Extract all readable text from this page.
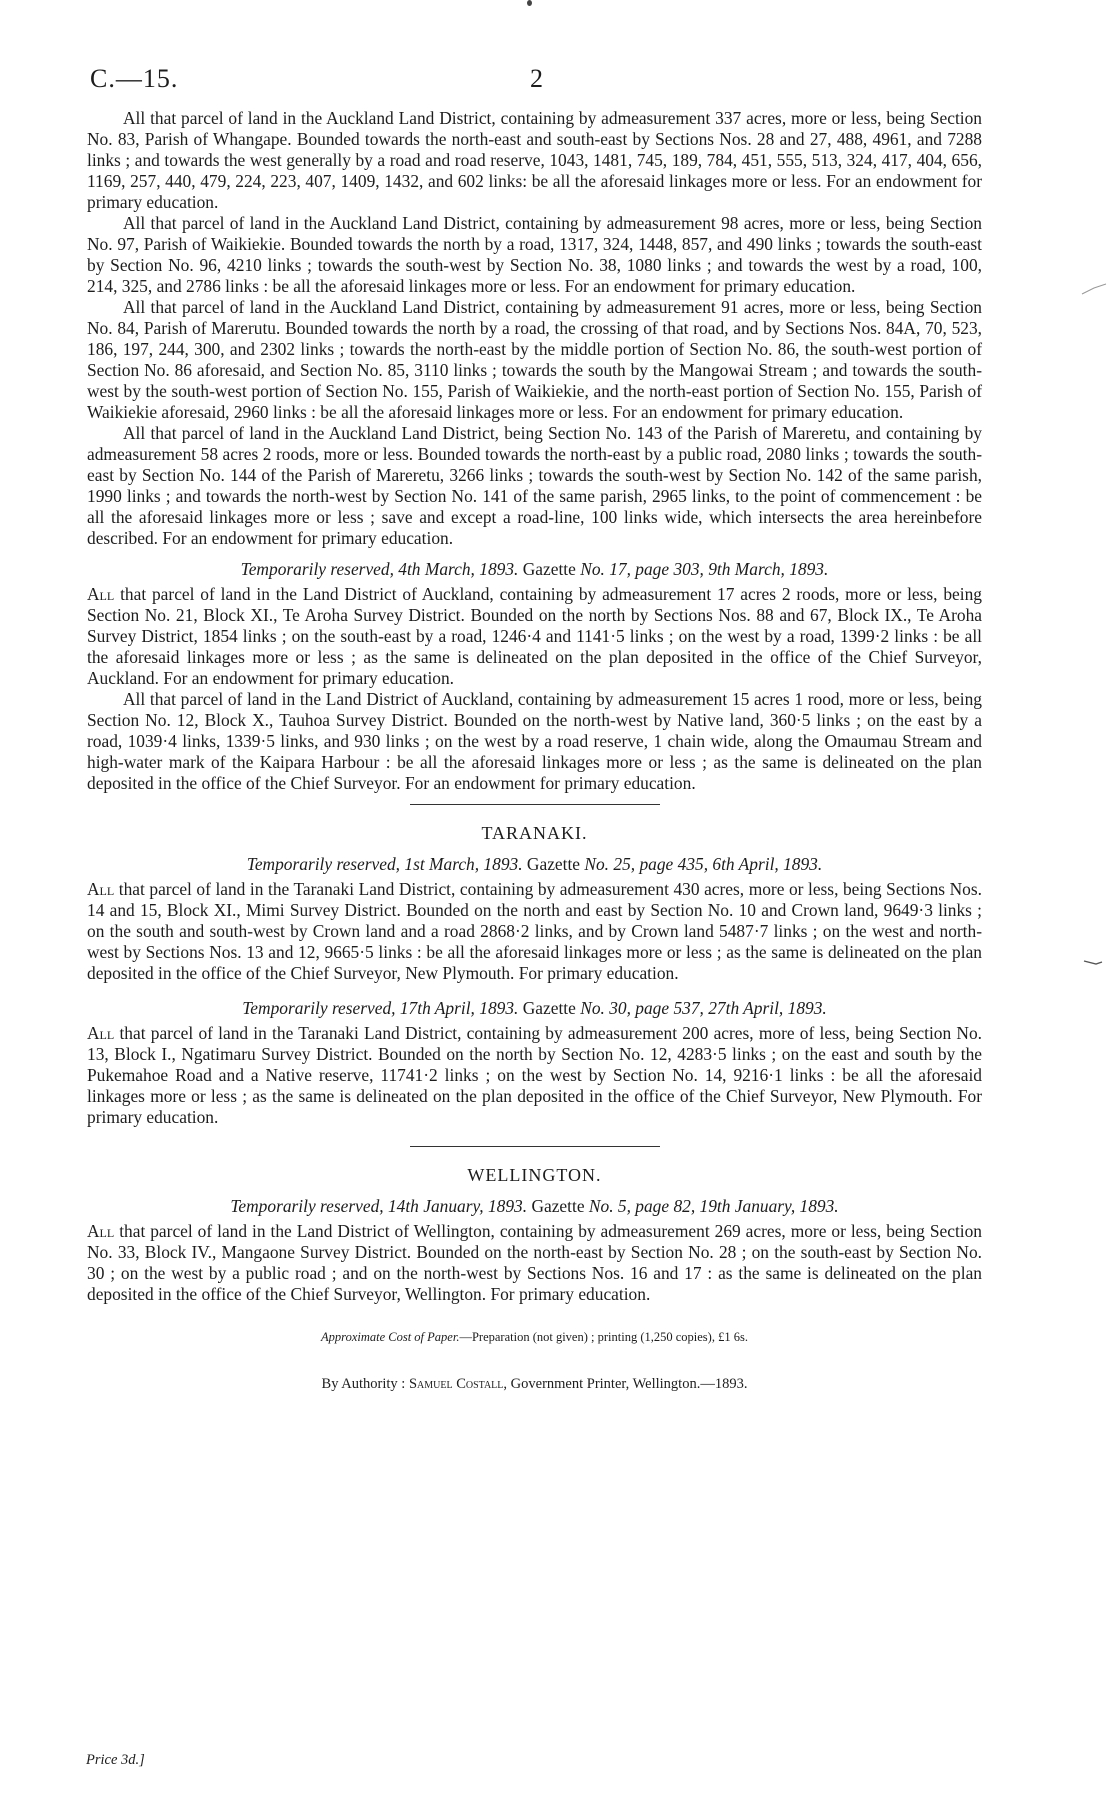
C.—15.	2

All that parcel of land in the Auckland Land District, containing by admeasurement 337 acres, more or less, being Section No. 83, Parish of Whangape. Bounded towards the north-east and south-east by Sections Nos. 28 and 27, 488, 4961, and 7288 links ; and towards the west generally by a road and road reserve, 1043, 1481, 745, 189, 784, 451, 555, 513, 324, 417, 404, 656, 1169, 257, 440, 479, 224, 223, 407, 1409, 1432, and 602 links: be all the aforesaid linkages more or less. For an endowment for primary education.

All that parcel of land in the Auckland Land District, containing by admeasurement 98 acres, more or less, being Section No. 97, Parish of Waikiekie. Bounded towards the north by a road, 1317, 324, 1448, 857, and 490 links ; towards the south-east by Section No. 96, 4210 links ; towards the south-west by Section No. 38, 1080 links ; and towards the west by a road, 100, 214, 325, and 2786 links : be all the aforesaid linkages more or less. For an endowment for primary education.

All that parcel of land in the Auckland Land District, containing by admeasurement 91 acres, more or less, being Section No. 84, Parish of Marerutu. Bounded towards the north by a road, the crossing of that road, and by Sections Nos. 84A, 70, 523, 186, 197, 244, 300, and 2302 links ; towards the north-east by the middle portion of Section No. 86, the south-west portion of Section No. 86 aforesaid, and Section No. 85, 3110 links ; towards the south by the Mangowai Stream ; and towards the south-west by the south-west portion of Section No. 155, Parish of Waikiekie, and the north-east portion of Section No. 155, Parish of Waikiekie aforesaid, 2960 links : be all the aforesaid linkages more or less. For an endowment for primary education.

All that parcel of land in the Auckland Land District, being Section No. 143 of the Parish of Mareretu, and containing by admeasurement 58 acres 2 roods, more or less. Bounded towards the north-east by a public road, 2080 links ; towards the south-east by Section No. 144 of the Parish of Mareretu, 3266 links ; towards the south-west by Section No. 142 of the same parish, 1990 links ; and towards the north-west by Section No. 141 of the same parish, 2965 links, to the point of commencement : be all the aforesaid linkages more or less ; save and except a road-line, 100 links wide, which intersects the area hereinbefore described. For an endowment for primary education.

Temporarily reserved, 4th March, 1893. Gazette No. 17, page 303, 9th March, 1893.

All that parcel of land in the Land District of Auckland, containing by admeasurement 17 acres 2 roods, more or less, being Section No. 21, Block XI., Te Aroha Survey District. Bounded on the north by Sections Nos. 88 and 67, Block IX., Te Aroha Survey District, 1854 links ; on the south-east by a road, 1246·4 and 1141·5 links ; on the west by a road, 1399·2 links : be all the aforesaid linkages more or less ; as the same is delineated on the plan deposited in the office of the Chief Surveyor, Auckland. For an endowment for primary education.

All that parcel of land in the Land District of Auckland, containing by admeasurement 15 acres 1 rood, more or less, being Section No. 12, Block X., Tauhoa Survey District. Bounded on the north-west by Native land, 360·5 links ; on the east by a road, 1039·4 links, 1339·5 links, and 930 links ; on the west by a road reserve, 1 chain wide, along the Omaumau Stream and high-water mark of the Kaipara Harbour : be all the aforesaid linkages more or less ; as the same is delineated on the plan deposited in the office of the Chief Surveyor. For an endowment for primary education.

TARANAKI.
Temporarily reserved, 1st March, 1893. Gazette No. 25, page 435, 6th April, 1893.

All that parcel of land in the Taranaki Land District, containing by admeasurement 430 acres, more or less, being Sections Nos. 14 and 15, Block XI., Mimi Survey District. Bounded on the north and east by Section No. 10 and Crown land, 9649·3 links ; on the south and south-west by Crown land and a road 2868·2 links, and by Crown land 5487·7 links ; on the west and north-west by Sections Nos. 13 and 12, 9665·5 links : be all the aforesaid linkages more or less ; as the same is delineated on the plan deposited in the office of the Chief Surveyor, New Plymouth. For primary education.

Temporarily reserved, 17th April, 1893. Gazette No. 30, page 537, 27th April, 1893.

All that parcel of land in the Taranaki Land District, containing by admeasurement 200 acres, more of less, being Section No. 13, Block I., Ngatimaru Survey District. Bounded on the north by Section No. 12, 4283·5 links ; on the east and south by the Pukemahoe Road and a Native reserve, 11741·2 links ; on the west by Section No. 14, 9216·1 links : be all the aforesaid linkages more or less ; as the same is delineated on the plan deposited in the office of the Chief Surveyor, New Plymouth. For primary education.

WELLINGTON.
Temporarily reserved, 14th January, 1893. Gazette No. 5, page 82, 19th January, 1893.

All that parcel of land in the Land District of Wellington, containing by admeasurement 269 acres, more or less, being Section No. 33, Block IV., Mangaone Survey District. Bounded on the north-east by Section No. 28 ; on the south-east by Section No. 30 ; on the west by a public road ; and on the north-west by Sections Nos. 16 and 17 : as the same is delineated on the plan deposited in the office of the Chief Surveyor, Wellington. For primary education.

Approximate Cost of Paper.—Preparation (not given) ; printing (1,250 copies), £1 6s.
By Authority : Samuel Costall, Government Printer, Wellington.—1893.
Price 3d.]
